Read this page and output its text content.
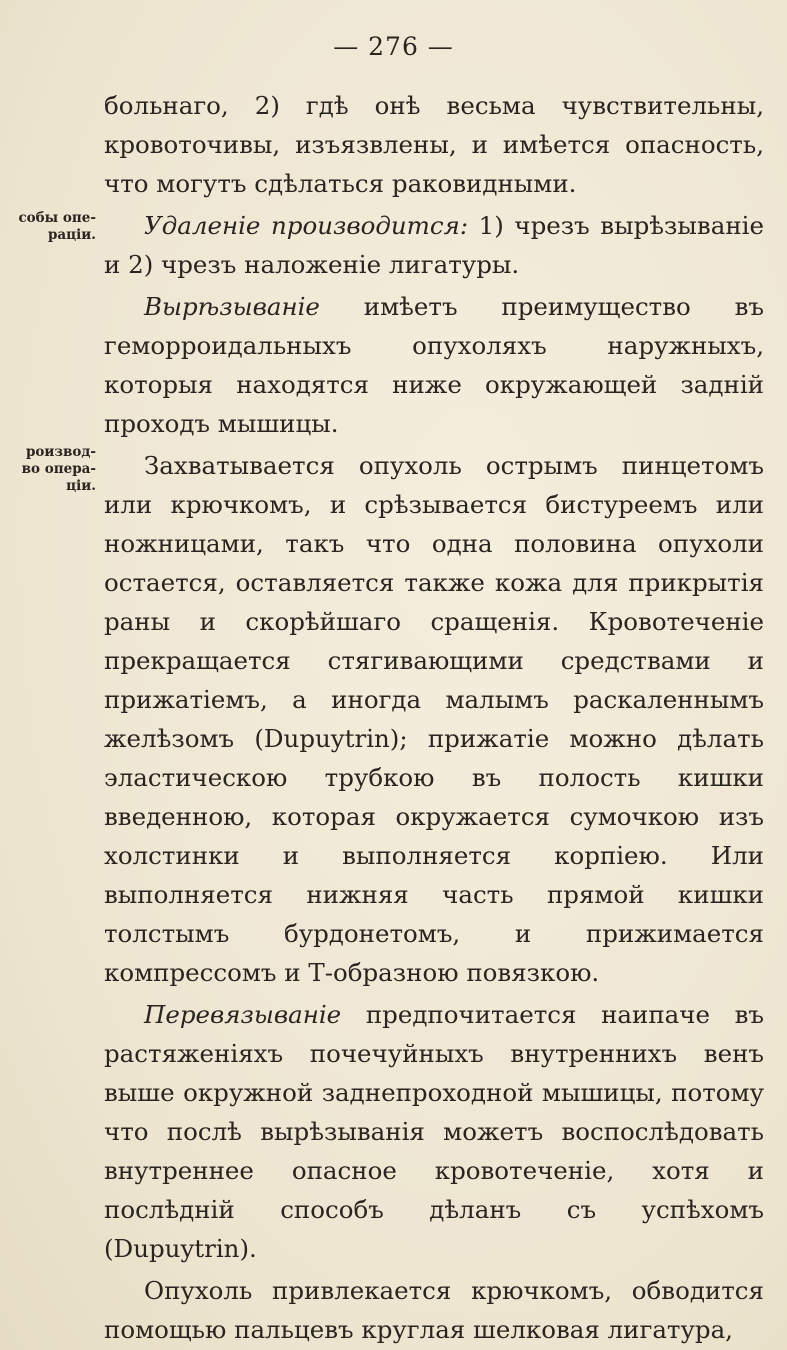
— 276 —
собы опе-
раціи.
роизвод-
во опера-
ціи.

больнаго, 2) гдѣ онѣ весьма чувствительны, кровоточивы, изъязвлены, и имѣется опасность, что могутъ сдѣлаться раковидными.

Удаленіе производится: 1) чрезъ вырѣзываніе и 2) чрезъ наложеніе лигатуры.

Вырѣзываніе имѣетъ преимущество въ геморроидальныхъ опухоляхъ наружныхъ, которыя находятся ниже окружающей заднiй проходъ мышицы.

Захватывается опухоль острымъ пинцетомъ или крючкомъ, и срѣзывается бистуреемъ или ножницами, такъ что одна половина опухоли остается, оставляется также кожа для прикрытія раны и скорѣйшаго сращенія. Кровотеченіе прекращается стягивающими средствами и прижатіемъ, а иногда малымъ раскаленнымъ желѣзомъ (Dupuytrin); прижатіе можно дѣлать эластическою трубкою въ полость кишки введенною, которая окружается сумочкою изъ холстинки и выполняется корпіею. Или выполняется нижняя часть прямой кишки толстымъ бурдонетомъ, и прижимается компрессомъ и Т-образною повязкою.

Перевязываніе предпочитается наипаче въ растяженіяхъ почечуйныхъ внутреннихъ венъ выше окружной заднепроходной мышицы, потому что послѣ вырѣзыванія можетъ воспослѣдовать внутреннее опасное кровотеченіе, хотя и послѣднiй способъ дѣланъ съ успѣхомъ (Dupuytrin).

Опухоль привлекается крючкомъ, обводится помощью пальцевъ круглая шелковая лигатура,
